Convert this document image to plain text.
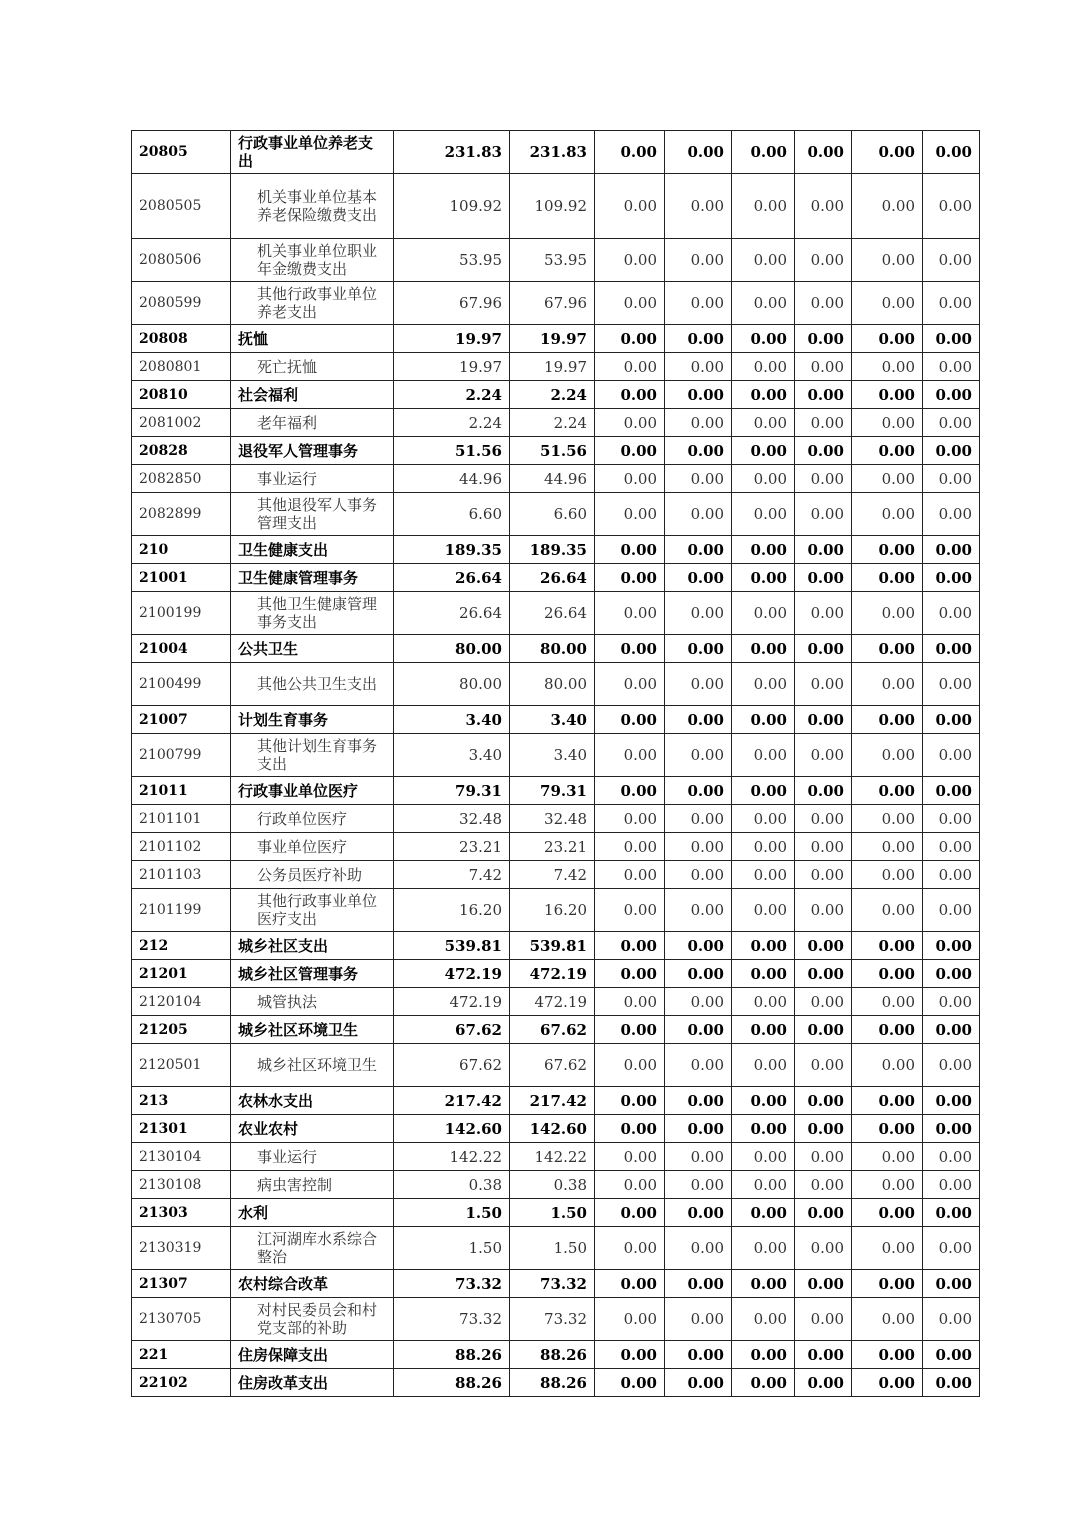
20805	行政事业单位养老支出	231.83	231.83	0.00	0.00	0.00	0.00	0.00	0.00
2080505	机关事业单位基本养老保险缴费支出	109.92	109.92	0.00	0.00	0.00	0.00	0.00	0.00
2080506	机关事业单位职业年金缴费支出	53.95	53.95	0.00	0.00	0.00	0.00	0.00	0.00
2080599	其他行政事业单位养老支出	67.96	67.96	0.00	0.00	0.00	0.00	0.00	0.00
20808	抚恤	19.97	19.97	0.00	0.00	0.00	0.00	0.00	0.00
2080801	死亡抚恤	19.97	19.97	0.00	0.00	0.00	0.00	0.00	0.00
20810	社会福利	2.24	2.24	0.00	0.00	0.00	0.00	0.00	0.00
2081002	老年福利	2.24	2.24	0.00	0.00	0.00	0.00	0.00	0.00
20828	退役军人管理事务	51.56	51.56	0.00	0.00	0.00	0.00	0.00	0.00
2082850	事业运行	44.96	44.96	0.00	0.00	0.00	0.00	0.00	0.00
2082899	其他退役军人事务管理支出	6.60	6.60	0.00	0.00	0.00	0.00	0.00	0.00
210	卫生健康支出	189.35	189.35	0.00	0.00	0.00	0.00	0.00	0.00
21001	卫生健康管理事务	26.64	26.64	0.00	0.00	0.00	0.00	0.00	0.00
2100199	其他卫生健康管理事务支出	26.64	26.64	0.00	0.00	0.00	0.00	0.00	0.00
21004	公共卫生	80.00	80.00	0.00	0.00	0.00	0.00	0.00	0.00
2100499	其他公共卫生支出	80.00	80.00	0.00	0.00	0.00	0.00	0.00	0.00
21007	计划生育事务	3.40	3.40	0.00	0.00	0.00	0.00	0.00	0.00
2100799	其他计划生育事务支出	3.40	3.40	0.00	0.00	0.00	0.00	0.00	0.00
21011	行政事业单位医疗	79.31	79.31	0.00	0.00	0.00	0.00	0.00	0.00
2101101	行政单位医疗	32.48	32.48	0.00	0.00	0.00	0.00	0.00	0.00
2101102	事业单位医疗	23.21	23.21	0.00	0.00	0.00	0.00	0.00	0.00
2101103	公务员医疗补助	7.42	7.42	0.00	0.00	0.00	0.00	0.00	0.00
2101199	其他行政事业单位医疗支出	16.20	16.20	0.00	0.00	0.00	0.00	0.00	0.00
212	城乡社区支出	539.81	539.81	0.00	0.00	0.00	0.00	0.00	0.00
21201	城乡社区管理事务	472.19	472.19	0.00	0.00	0.00	0.00	0.00	0.00
2120104	城管执法	472.19	472.19	0.00	0.00	0.00	0.00	0.00	0.00
21205	城乡社区环境卫生	67.62	67.62	0.00	0.00	0.00	0.00	0.00	0.00
2120501	城乡社区环境卫生	67.62	67.62	0.00	0.00	0.00	0.00	0.00	0.00
213	农林水支出	217.42	217.42	0.00	0.00	0.00	0.00	0.00	0.00
21301	农业农村	142.60	142.60	0.00	0.00	0.00	0.00	0.00	0.00
2130104	事业运行	142.22	142.22	0.00	0.00	0.00	0.00	0.00	0.00
2130108	病虫害控制	0.38	0.38	0.00	0.00	0.00	0.00	0.00	0.00
21303	水利	1.50	1.50	0.00	0.00	0.00	0.00	0.00	0.00
2130319	江河湖库水系综合整治	1.50	1.50	0.00	0.00	0.00	0.00	0.00	0.00
21307	农村综合改革	73.32	73.32	0.00	0.00	0.00	0.00	0.00	0.00
2130705	对村民委员会和村党支部的补助	73.32	73.32	0.00	0.00	0.00	0.00	0.00	0.00
221	住房保障支出	88.26	88.26	0.00	0.00	0.00	0.00	0.00	0.00
22102	住房改革支出	88.26	88.26	0.00	0.00	0.00	0.00	0.00	0.00
